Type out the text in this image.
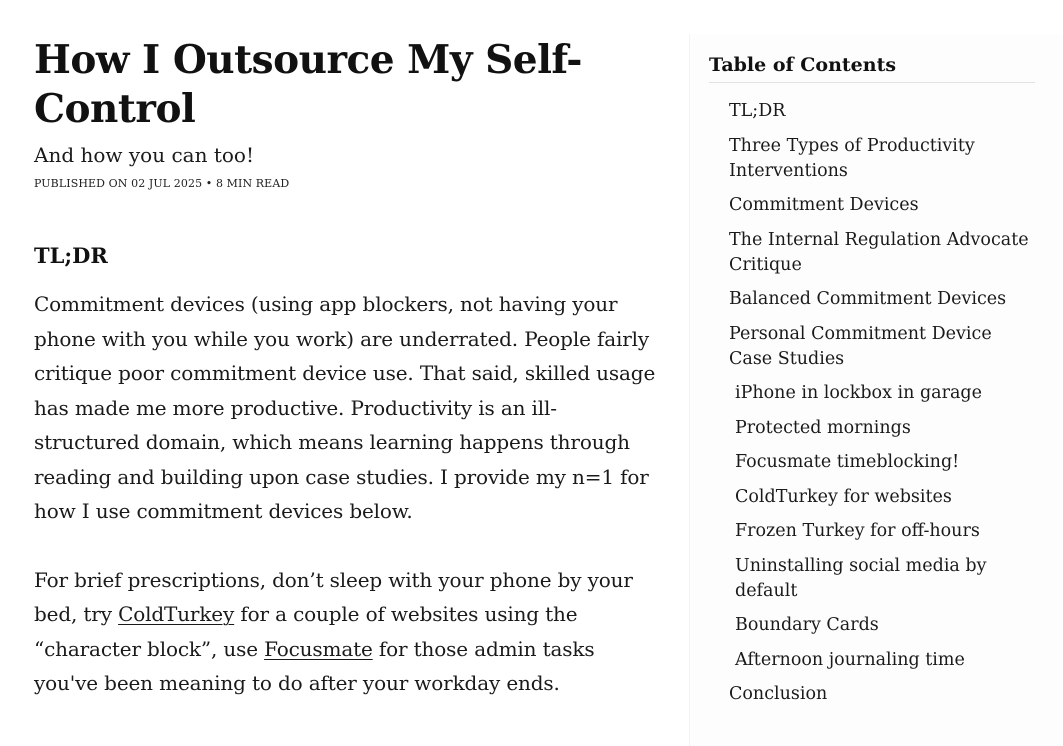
How I Outsource My Self-Control

And how you can too!

PUBLISHED ON 02 JUL 2025 • 8 MIN READ
TL;DR

Commitment devices (using app blockers, not having your phone with you while you work) are underrated. People fairly critique poor commitment device use. That said, skilled usage has made me more productive. Productivity is an ill-structured domain, which means learning happens through reading and building upon case studies. I provide my n=1 for how I use commitment devices below.

For brief prescriptions, don’t sleep with your phone by your bed, try ColdTurkey for a couple of websites using the “character block”, use Focusmate for those admin tasks you've been meaning to do after your workday ends.

Table of Contents
TL;DR
Three Types of Productivity Interventions
Commitment Devices
The Internal Regulation Advocate Critique
Balanced Commitment Devices
Personal Commitment Device Case Studies
iPhone in lockbox in garage
Protected mornings
Focusmate timeblocking!
ColdTurkey for websites
Frozen Turkey for off-hours
Uninstalling social media by default
Boundary Cards
Afternoon journaling time
Conclusion
